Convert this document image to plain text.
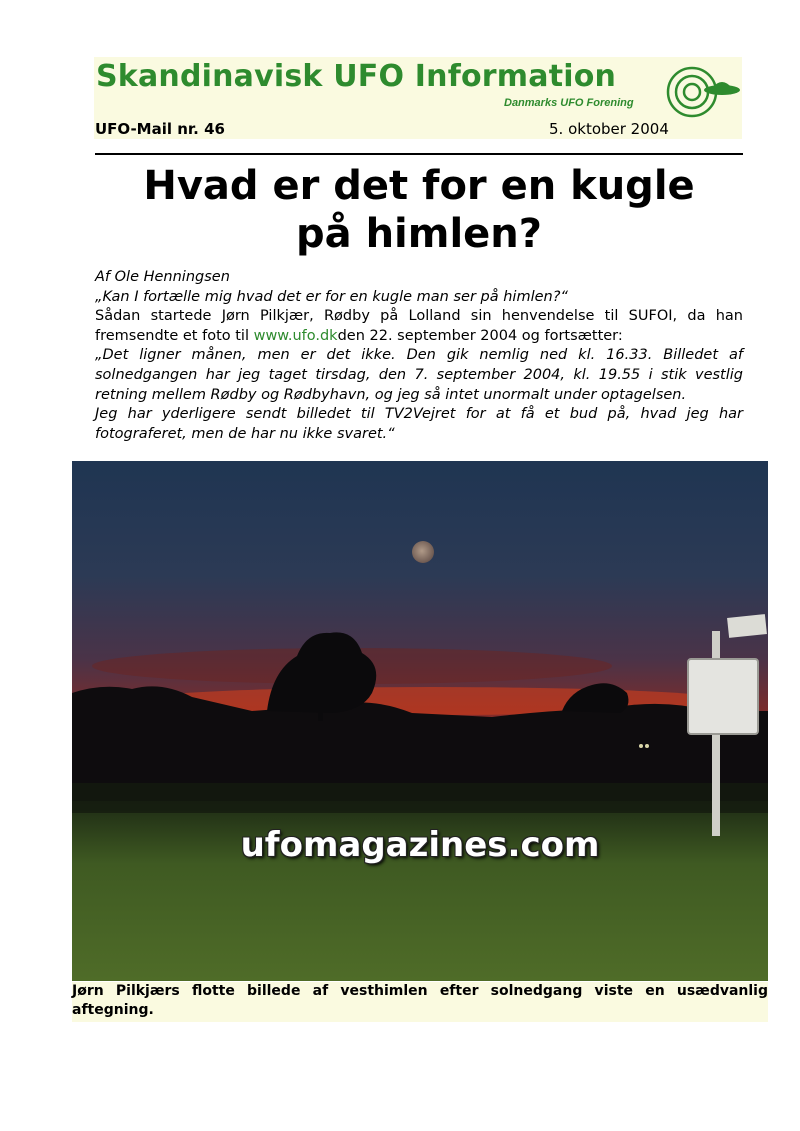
Skandinavisk UFO Information
Danmarks UFO Forening
UFO-Mail nr. 46	5. oktober 2004
Hvad er det for en kugle
på himlen?

Af Ole Henningsen

„Kan I fortælle mig hvad det er for en kugle man ser på himlen?“

Sådan startede Jørn Pilkjær, Rødby på Lolland sin henvendelse til SUFOI, da han fremsendte et foto til www.ufo.dkden 22. september 2004 og fortsætter:

„Det ligner månen, men er det ikke. Den gik nemlig ned kl. 16.33. Billedet af solnedgangen har jeg taget tirsdag, den 7. september 2004, kl. 19.55 i stik vestlig retning mellem Rødby og Rødbyhavn, og jeg så intet unormalt under optagelsen.

Jeg har yderligere sendt billedet til TV2Vejret for at få et bud på, hvad jeg har fotograferet, men de har nu ikke svaret.“

ufomagazines.com
Jørn Pilkjærs flotte billede af vesthimlen efter solnedgang viste en usædvanlig aftegning.
